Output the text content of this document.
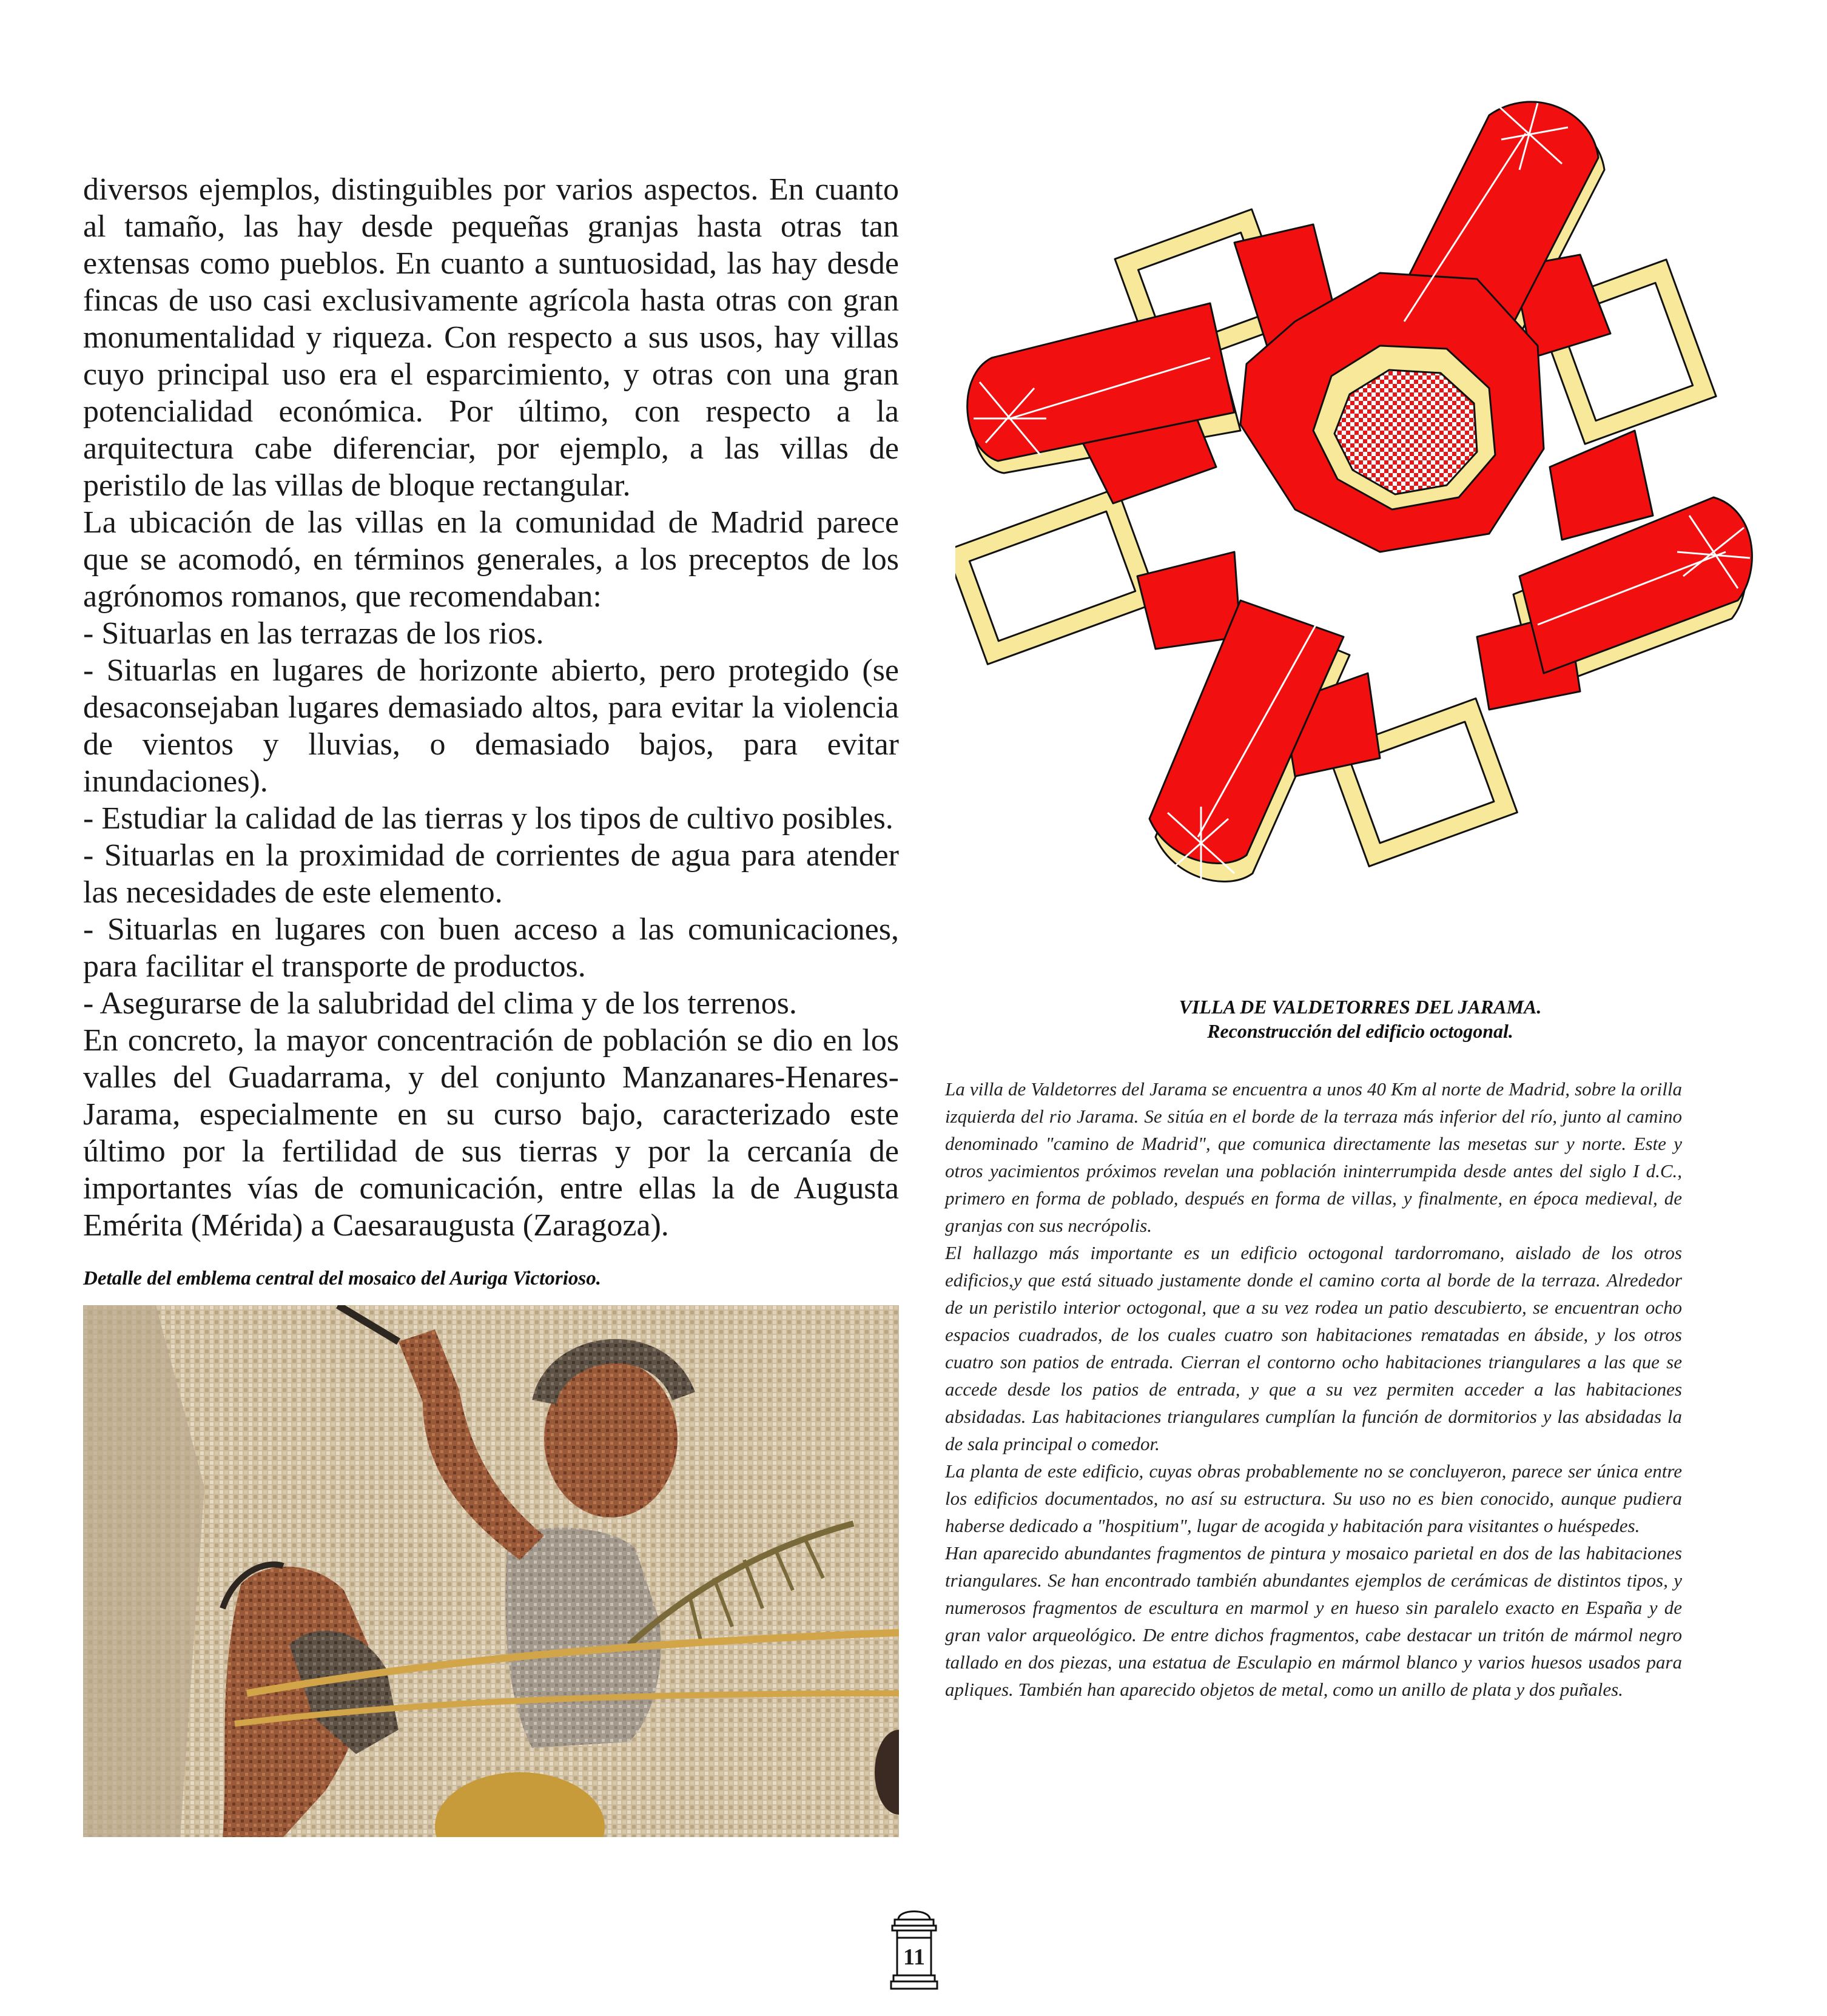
diversos ejemplos, distinguibles por varios aspectos. En cuanto al tamaño, las hay desde pequeñas granjas hasta otras tan extensas como pueblos. En cuanto a suntuosidad, las hay desde fincas de uso casi exclusivamente agrícola hasta otras con gran monumentalidad y riqueza. Con respecto a sus usos, hay villas cuyo principal uso era el esparcimiento, y otras con una gran potencialidad económica. Por último, con respecto a la arquitectura cabe diferenciar, por ejemplo, a las villas de peristilo de las villas de bloque rectangular.

La ubicación de las villas en la comunidad de Madrid parece que se acomodó, en términos generales, a los preceptos de los agrónomos romanos, que recomendaban:

- Situarlas en las terrazas de los rios.

- Situarlas en lugares de horizonte abierto, pero protegido (se desaconsejaban lugares demasiado altos, para evitar la violencia de vientos y lluvias, o demasiado bajos, para evitar inundaciones).

- Estudiar la calidad de las tierras y los tipos de cultivo posibles.

- Situarlas en la proximidad de corrientes de agua para atender las necesidades de este elemento.

- Situarlas en lugares con buen acceso a las comunicaciones, para facilitar el transporte de productos.

- Asegurarse de la salubridad del clima y de los terrenos.

En concreto, la mayor concentración de población se dio en los valles del Guadarrama, y del conjunto Manzanares-Henares-Jarama, especialmente en su curso bajo, caracterizado este último por la fertilidad de sus tierras y por la cercanía de importantes vías de comunicación, entre ellas la de Augusta Emérita (Mérida) a Caesaraugusta (Zaragoza).

Detalle del emblema central del mosaico del Auriga Victorioso.
VILLA DE VALDETORRES DEL JARAMA.
Reconstrucción del edificio octogonal.

La villa de Valdetorres del Jarama se encuentra a unos 40 Km al norte de Madrid, sobre la orilla izquierda del rio Jarama. Se sitúa en el borde de la terraza más inferior del río, junto al camino denominado "camino de Madrid", que comunica directamente las mesetas sur y norte. Este y otros yacimientos próximos revelan una población ininterrumpida desde antes del siglo I d.C., primero en forma de poblado, después en forma de villas, y finalmente, en época medieval, de granjas con sus necrópolis.

El hallazgo más importante es un edificio octogonal tardorromano, aislado de los otros edificios,y que está situado justamente donde el camino corta al borde de la terraza. Alrededor de un peristilo interior octogonal, que a su vez rodea un patio descubierto, se encuentran ocho espacios cuadrados, de los cuales cuatro son habitaciones rematadas en ábside, y los otros cuatro son patios de entrada. Cierran el contorno ocho habitaciones triangulares a las que se accede desde los patios de entrada, y que a su vez permiten acceder a las habitaciones absidadas. Las habitaciones triangulares cumplían la función de dormitorios y las absidadas la de sala principal o comedor.

La planta de este edificio, cuyas obras probablemente no se concluyeron, parece ser única entre los edificios documentados, no así su estructura. Su uso no es bien conocido, aunque pudiera haberse dedicado a "hospitium", lugar de acogida y habitación para visitantes o huéspedes.

Han aparecido abundantes fragmentos de pintura y mosaico parietal en dos de las habitaciones triangulares. Se han encontrado también abundantes ejemplos de cerámicas de distintos tipos, y numerosos fragmentos de escultura en marmol y en hueso sin paralelo exacto en España y de gran valor arqueológico. De entre dichos fragmentos, cabe destacar un tritón de mármol negro tallado en dos piezas, una estatua de Esculapio en mármol blanco y varios huesos usados para apliques. También han aparecido objetos de metal, como un anillo de plata y dos puñales.

11
